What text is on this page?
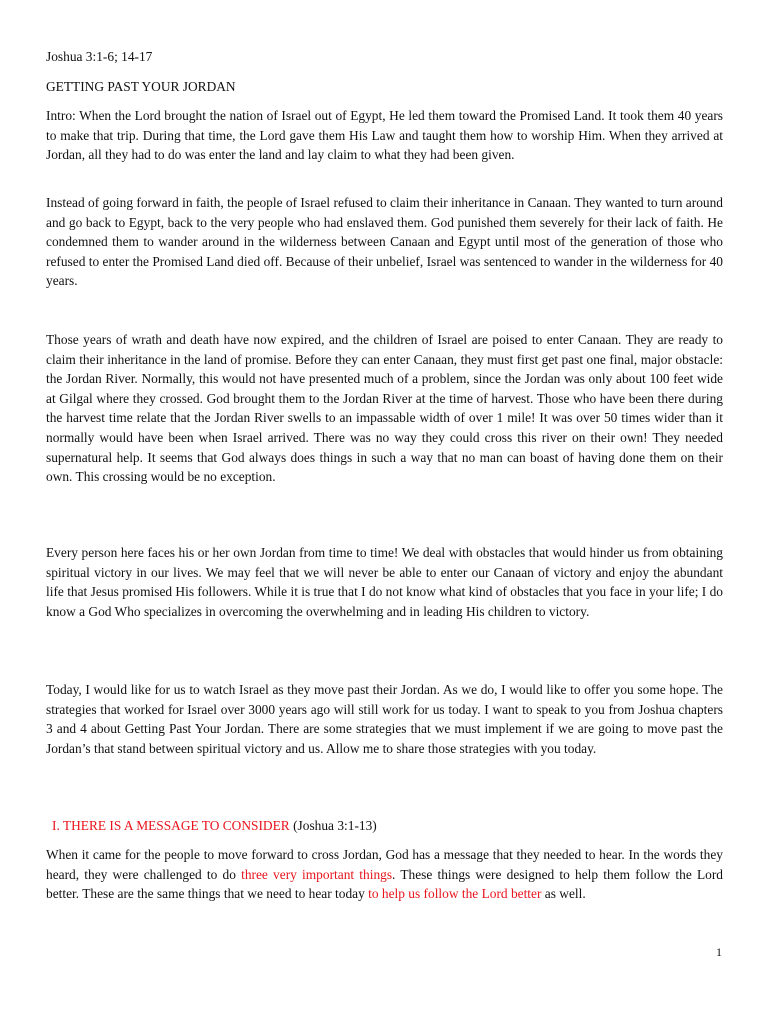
Joshua 3:1-6; 14-17

GETTING PAST YOUR JORDAN

Intro: When the Lord brought the nation of Israel out of Egypt, He led them toward the Promised Land. It took them 40 years to make that trip. During that time, the Lord gave them His Law and taught them how to worship Him. When they arrived at Jordan, all they had to do was enter the land and lay claim to what they had been given.

Instead of going forward in faith, the people of Israel refused to claim their inheritance in Canaan. They wanted to turn around and go back to Egypt, back to the very people who had enslaved them. God punished them severely for their lack of faith. He condemned them to wander around in the wilderness between Canaan and Egypt until most of the generation of those who refused to enter the Promised Land died off. Because of their unbelief, Israel was sentenced to wander in the wilderness for 40 years.

Those years of wrath and death have now expired, and the children of Israel are poised to enter Canaan. They are ready to claim their inheritance in the land of promise. Before they can enter Canaan, they must first get past one final, major obstacle: the Jordan River. Normally, this would not have presented much of a problem, since the Jordan was only about 100 feet wide at Gilgal where they crossed. God brought them to the Jordan River at the time of harvest. Those who have been there during the harvest time relate that the Jordan River swells to an impassable width of over 1 mile! It was over 50 times wider than it normally would have been when Israel arrived. There was no way they could cross this river on their own! They needed supernatural help. It seems that God always does things in such a way that no man can boast of having done them on their own. This crossing would be no exception.

Every person here faces his or her own Jordan from time to time! We deal with obstacles that would hinder us from obtaining spiritual victory in our lives. We may feel that we will never be able to enter our Canaan of victory and enjoy the abundant life that Jesus promised His followers. While it is true that I do not know what kind of obstacles that you face in your life; I do know a God Who specializes in overcoming the overwhelming and in leading His children to victory.

Today, I would like for us to watch Israel as they move past their Jordan. As we do, I would like to offer you some hope. The strategies that worked for Israel over 3000 years ago will still work for us today. I want to speak to you from Joshua chapters 3 and 4 about Getting Past Your Jordan. There are some strategies that we must implement if we are going to move past the Jordan’s that stand between spiritual victory and us. Allow me to share those strategies with you today.

I. THERE IS A MESSAGE TO CONSIDER (Joshua 3:1-13)

When it came for the people to move forward to cross Jordan, God has a message that they needed to hear. In the words they heard, they were challenged to do three very important things. These things were designed to help them follow the Lord better. These are the same things that we need to hear today to help us follow the Lord better as well.

1
